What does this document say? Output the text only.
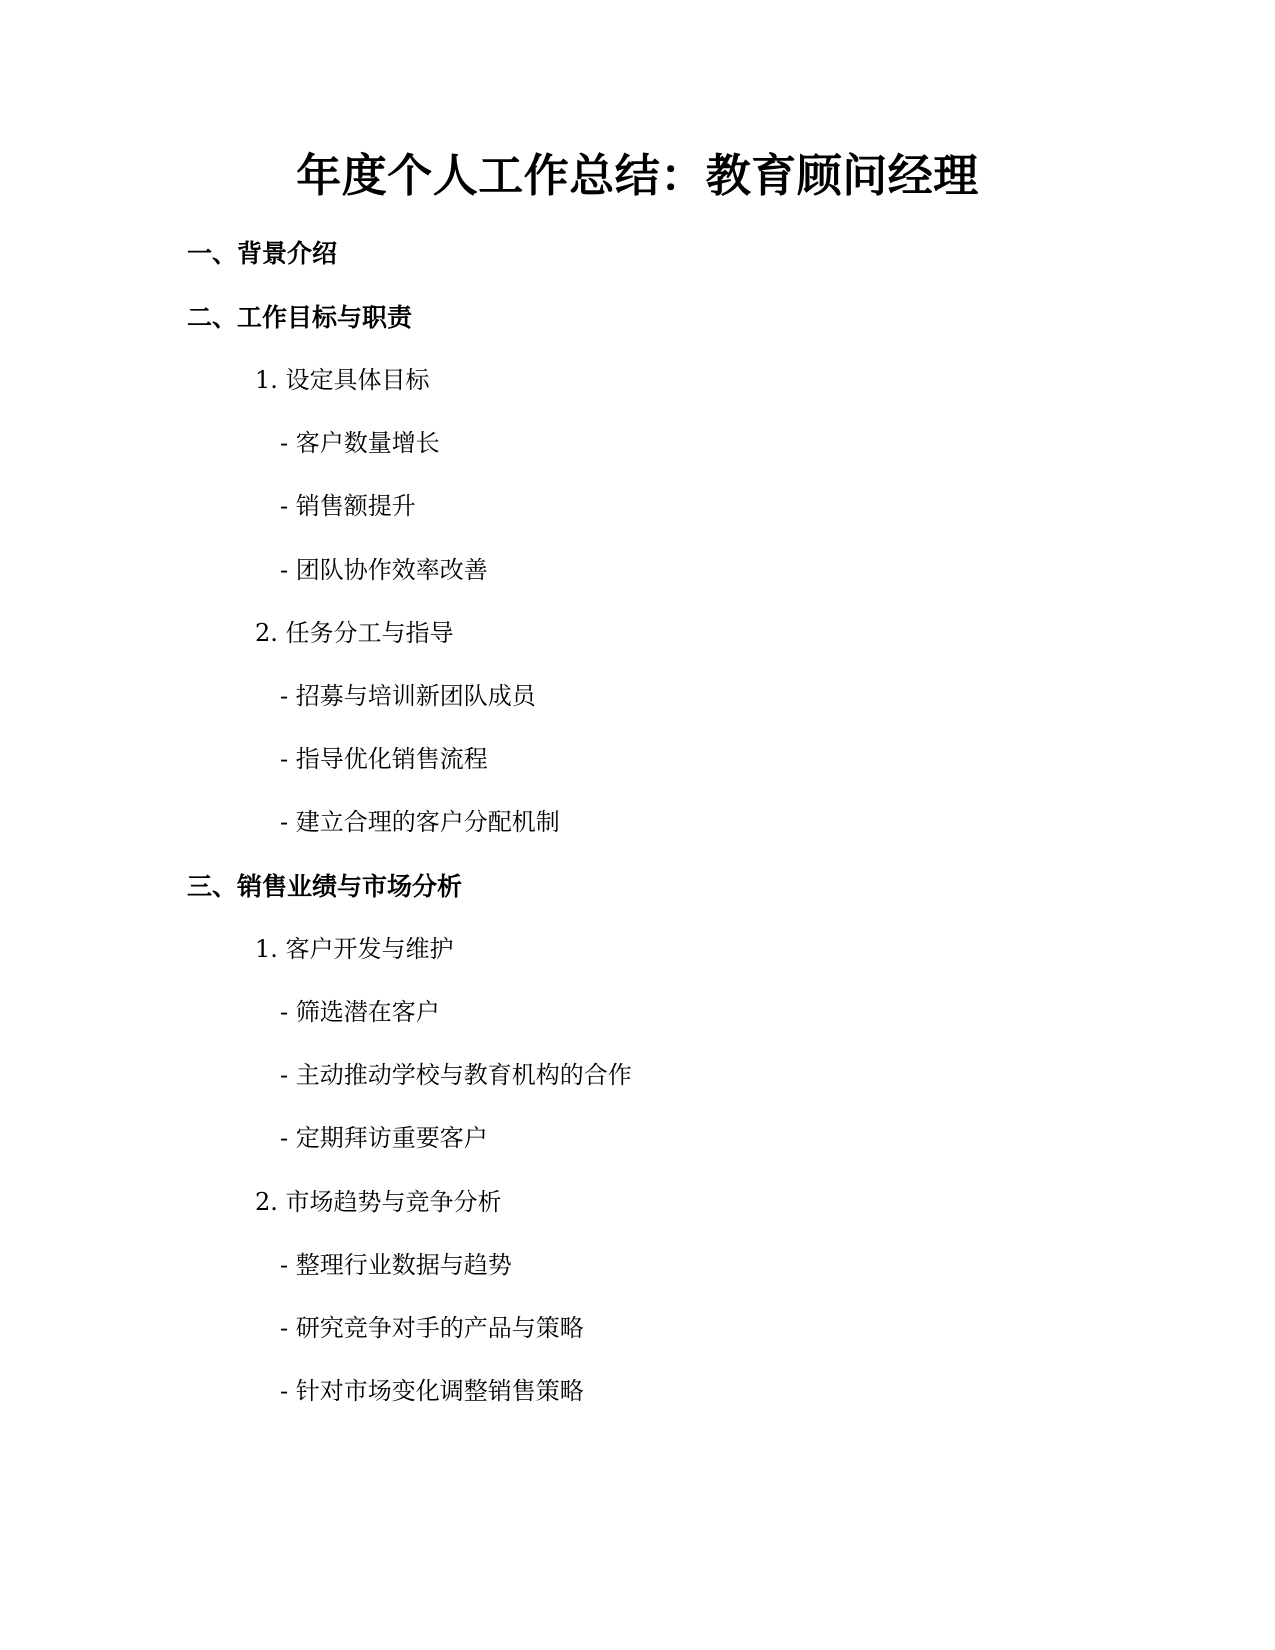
年度个人工作总结：教育顾问经理
一、背景介绍
二、工作目标与职责

1. 设定具体目标

- 客户数量增长

- 销售额提升

- 团队协作效率改善

2. 任务分工与指导

- 招募与培训新团队成员

- 指导优化销售流程

- 建立合理的客户分配机制

三、销售业绩与市场分析

1. 客户开发与维护

- 筛选潜在客户

- 主动推动学校与教育机构的合作

- 定期拜访重要客户

2. 市场趋势与竞争分析

- 整理行业数据与趋势

- 研究竞争对手的产品与策略

- 针对市场变化调整销售策略
